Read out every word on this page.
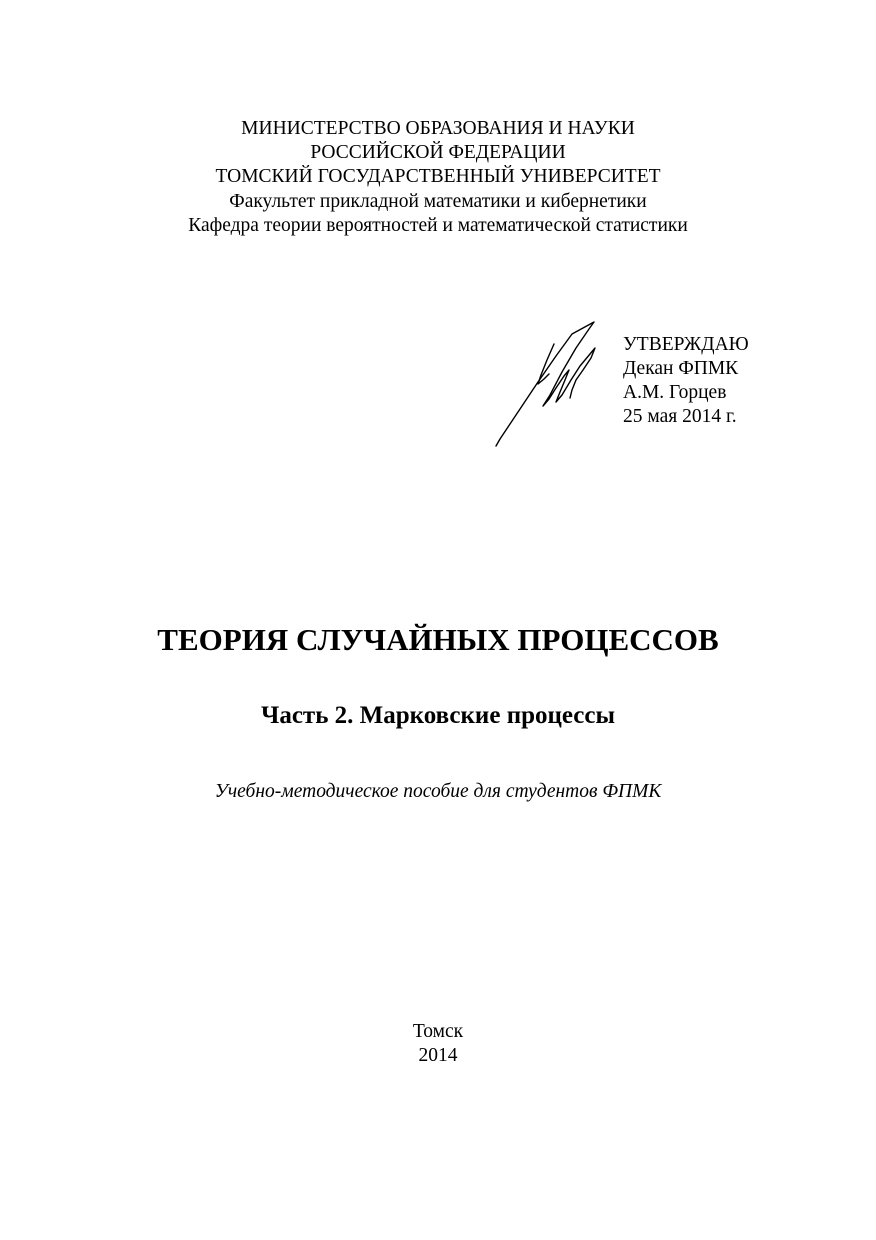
МИНИСТЕРСТВО ОБРАЗОВАНИЯ И НАУКИ
РОССИЙСКОЙ ФЕДЕРАЦИИ
ТОМСКИЙ ГОСУДАРСТВЕННЫЙ УНИВЕРСИТЕТ
Факультет прикладной математики и кибернетики
Кафедра теории вероятностей и математической статистики
УТВЕРЖДАЮ
Декан ФПМК
А.М. Горцев
25 мая 2014 г.
ТЕОРИЯ СЛУЧАЙНЫХ ПРОЦЕССОВ
Часть 2. Марковские процессы
Учебно-методическое пособие для студентов ФПМК
Томск
2014
